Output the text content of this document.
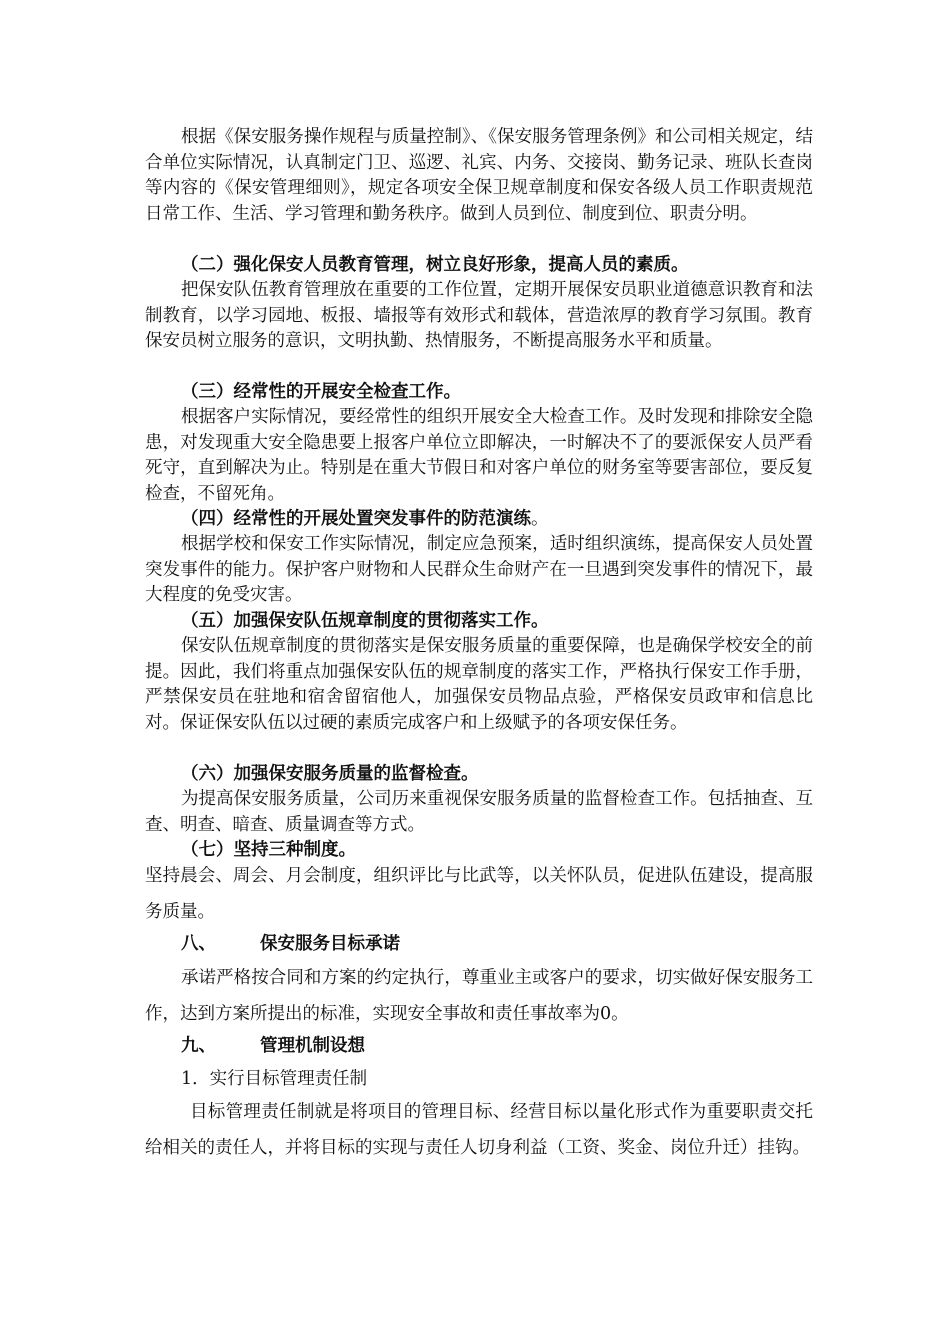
根据《保安服务操作规程与质量控制》、《保安服务管理条例》和公司相关规定，结合单位实际情况，认真制定门卫、巡逻、礼宾、内务、交接岗、勤务记录、班队长查岗等内容的《保安管理细则》，规定各项安全保卫规章制度和保安各级人员工作职责规范日常工作、生活、学习管理和勤务秩序。做到人员到位、制度到位、职责分明。

（二）强化保安人员教育管理，树立良好形象，提高人员的素质。

把保安队伍教育管理放在重要的工作位置，定期开展保安员职业道德意识教育和法制教育，以学习园地、板报、墙报等有效形式和载体，营造浓厚的教育学习氛围。教育保安员树立服务的意识，文明执勤、热情服务，不断提高服务水平和质量。

（三）经常性的开展安全检查工作。

根据客户实际情况，要经常性的组织开展安全大检查工作。及时发现和排除安全隐患，对发现重大安全隐患要上报客户单位立即解决，一时解决不了的要派保安人员严看死守，直到解决为止。特别是在重大节假日和对客户单位的财务室等要害部位，要反复检查，不留死角。

（四）经常性的开展处置突发事件的防范演练。

根据学校和保安工作实际情况，制定应急预案，适时组织演练，提高保安人员处置突发事件的能力。保护客户财物和人民群众生命财产在一旦遇到突发事件的情况下，最大程度的免受灾害。

（五）加强保安队伍规章制度的贯彻落实工作。

保安队伍规章制度的贯彻落实是保安服务质量的重要保障，也是确保学校安全的前提。因此，我们将重点加强保安队伍的规章制度的落实工作，严格执行保安工作手册，严禁保安员在驻地和宿舍留宿他人，加强保安员物品点验，严格保安员政审和信息比对。保证保安队伍以过硬的素质完成客户和上级赋予的各项安保任务。

（六）加强保安服务质量的监督检查。

为提高保安服务质量，公司历来重视保安服务质量的监督检查工作。包括抽查、互查、明查、暗查、质量调查等方式。

（七）坚持三种制度。

坚持晨会、周会、月会制度，组织评比与比武等，以关怀队员，促进队伍建设，提高服务质量。

八、	保安服务目标承诺

承诺严格按合同和方案的约定执行，尊重业主或客户的要求，切实做好保安服务工作，达到方案所提出的标准，实现安全事故和责任事故率为0。

九、	管理机制设想

1．实行目标管理责任制

目标管理责任制就是将项目的管理目标、经营目标以量化形式作为重要职责交托给相关的责任人，并将目标的实现与责任人切身利益（工资、奖金、岗位升迁）挂钩。
